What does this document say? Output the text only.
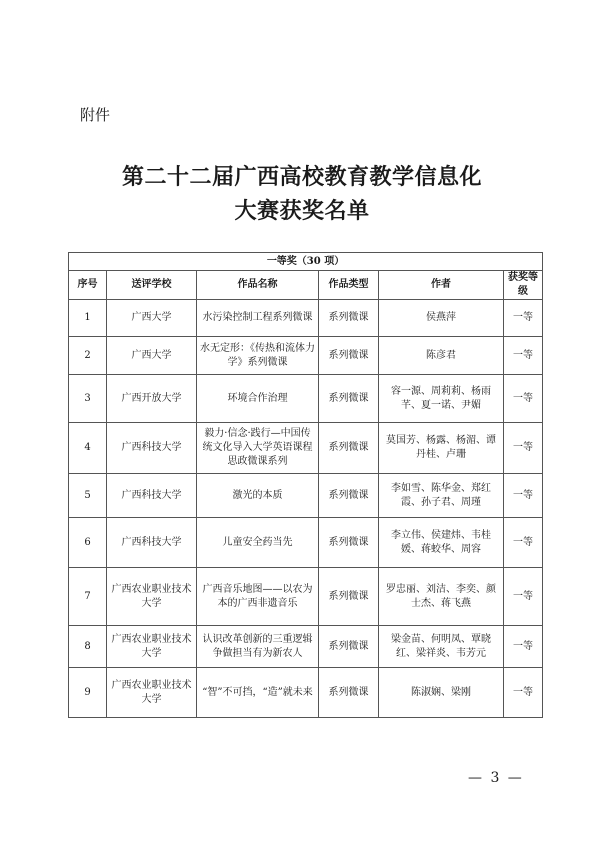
附件
第二十二届广西高校教育教学信息化
大赛获奖名单
一等奖（30 项）					
序号	送评学校	作品名称	作品类型	作者	获奖等级
1	广西大学	水污染控制工程系列微课	系列微课	侯燕萍	一等
2	广西大学	水无定形：《传热和流体力学》系列微课	系列微课	陈彦君	一等
3	广西开放大学	环境合作治理	系列微课	容一源、周莉莉、杨雨芊、夏一诺、尹媚	一等
4	广西科技大学	毅力·信念·践行—中国传统文化导入大学英语课程思政微课系列	系列微课	莫国芳、杨露、杨湄、谭丹桂、卢珊	一等
5	广西科技大学	激光的本质	系列微课	李如雪、陈华金、郑红霞、孙子君、周瑾	一等
6	广西科技大学	儿童安全药当先	系列微课	李立伟、侯建炜、韦桂媛、蒋蛟华、周容	一等
7	广西农业职业技术大学	广西音乐地图——以农为本的广西非遗音乐	系列微课	罗忠丽、刘洁、李奕、颜士杰、蒋飞燕	一等
8	广西农业职业技术大学	认识改革创新的三重逻辑争做担当有为新农人	系列微课	梁金苗、何明凤、覃晓红、梁祥炎、韦芳元	一等
9	广西农业职业技术大学	“智”不可挡，“造”就未来	系列微课	陈淑娴、梁刚	一等
— 3 —
